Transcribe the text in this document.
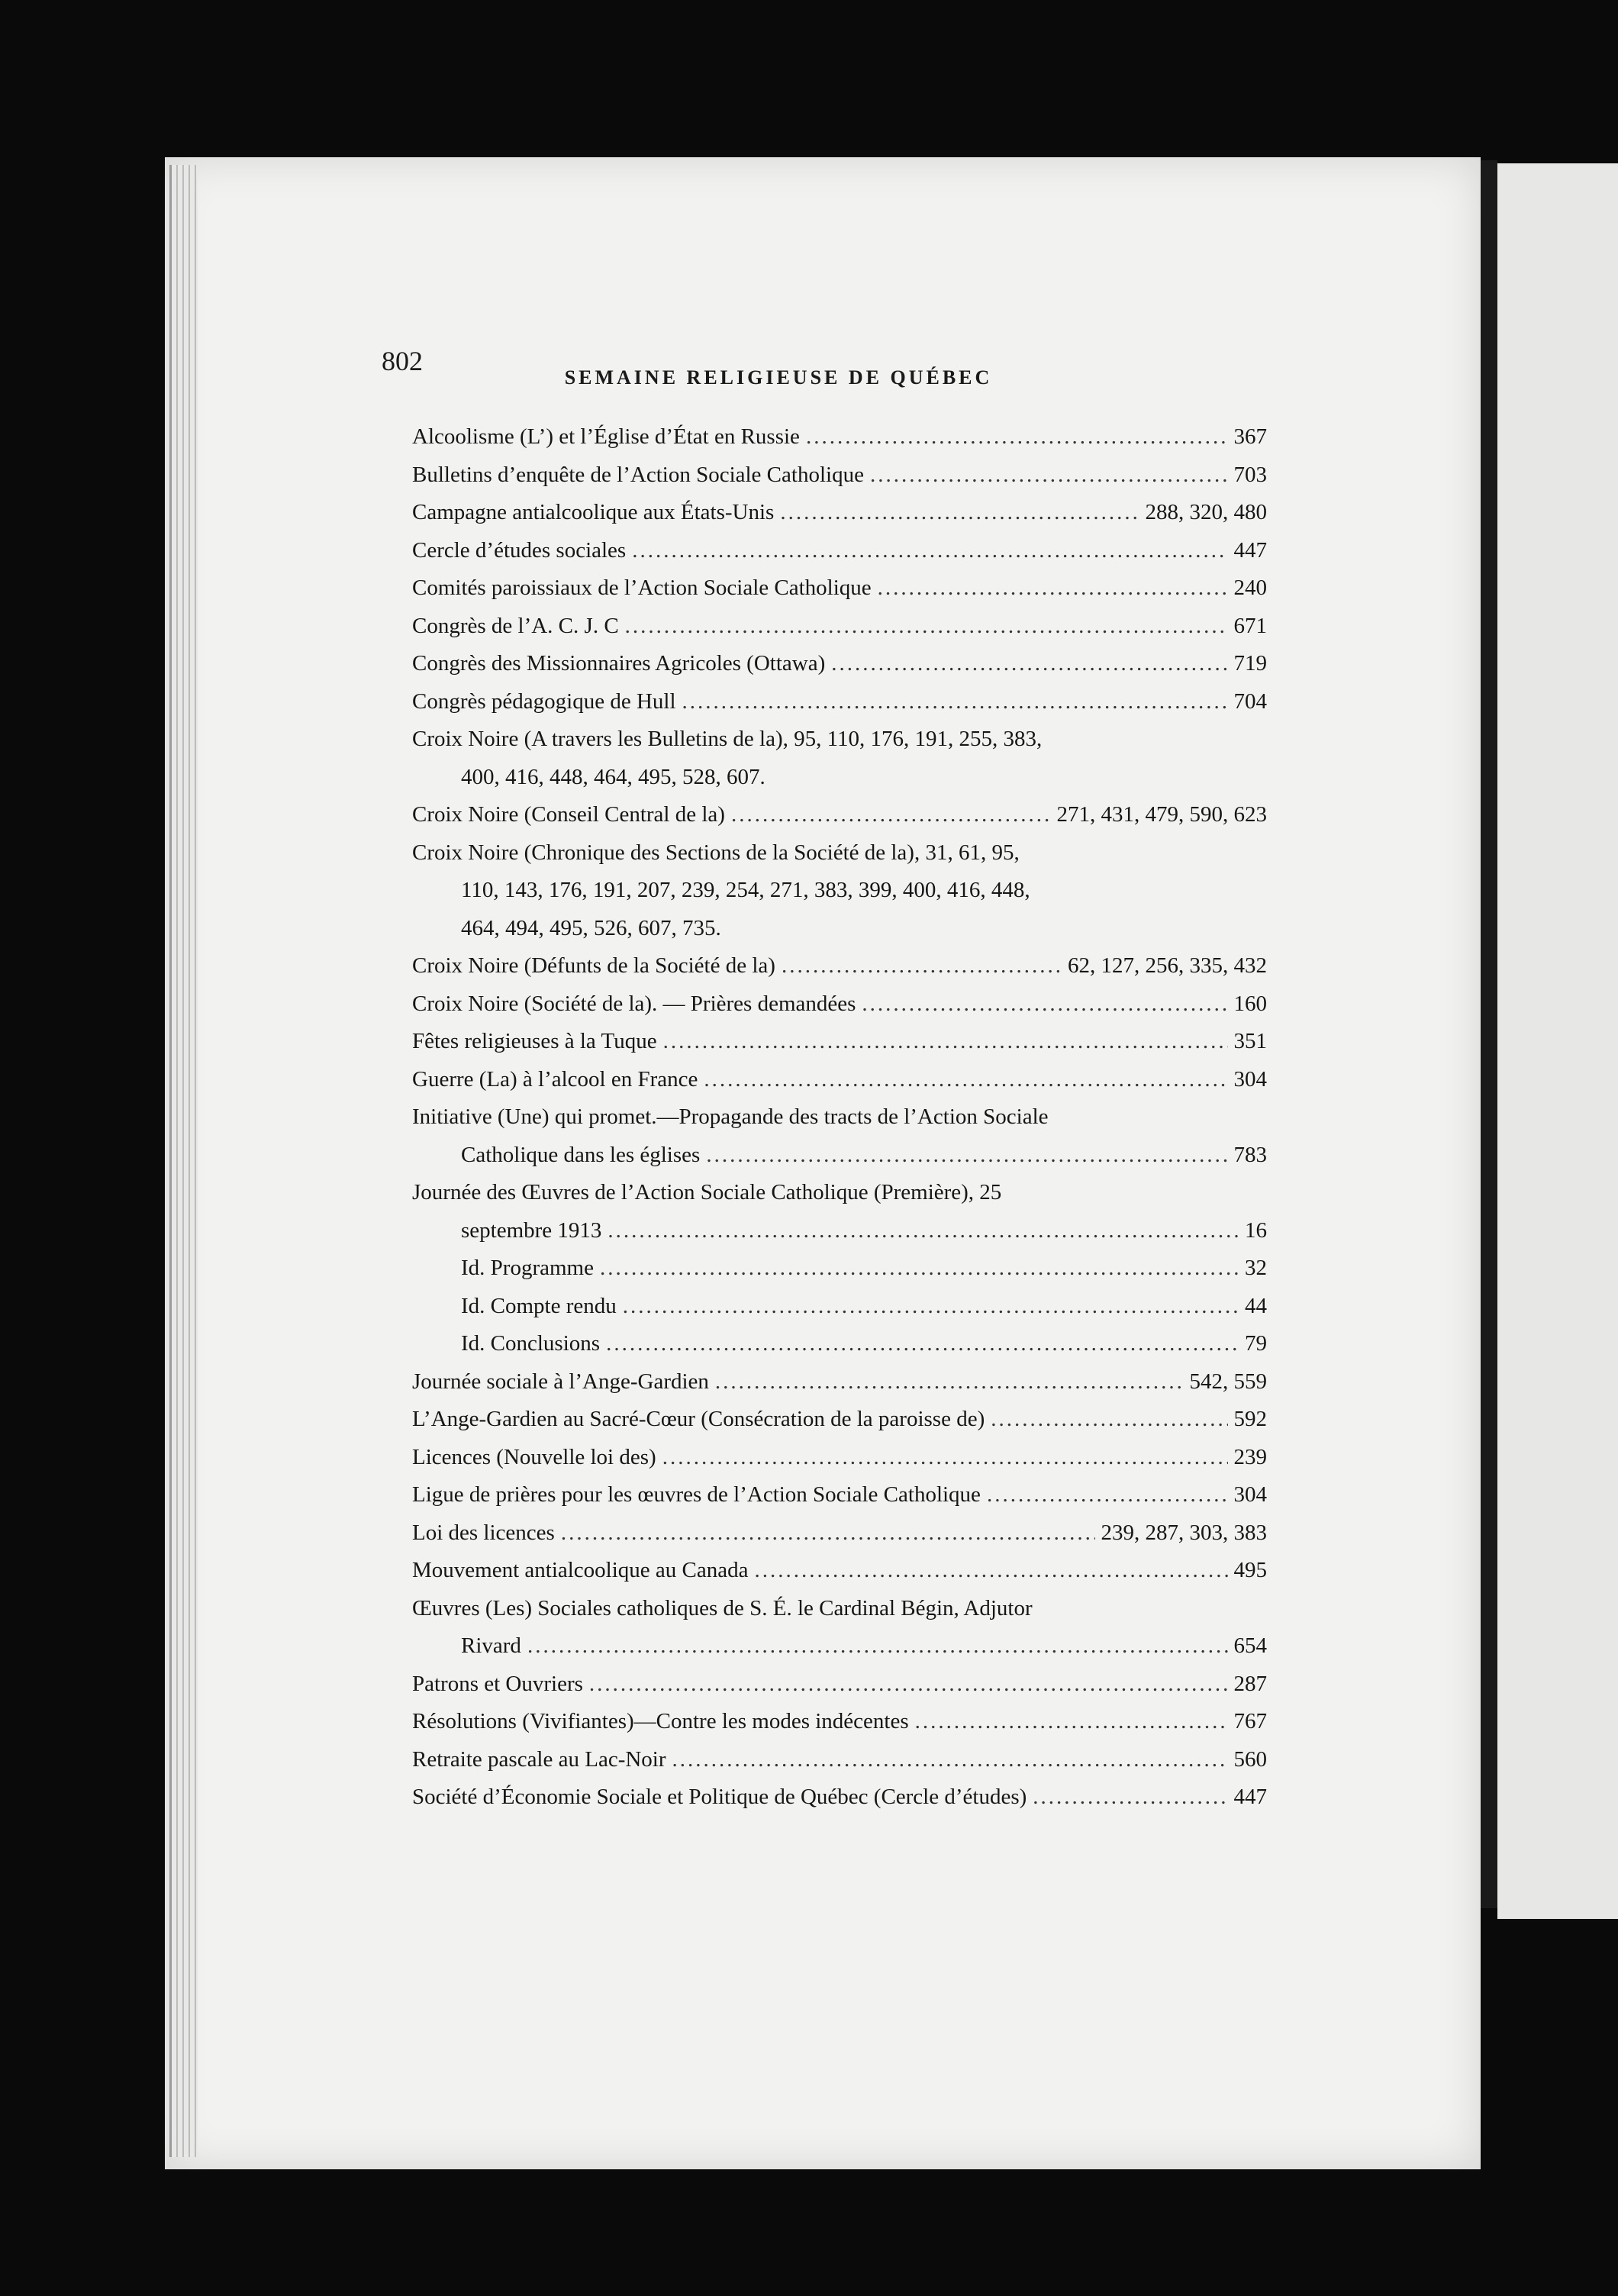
802
SEMAINE RELIGIEUSE DE QUÉBEC
Alcoolisme (L’) et l’Église d’État en Russie .....	367
Bulletins d’enquête de l’Action Sociale Catholique .....	703
Campagne antialcoolique aux États-Unis .....	288, 320, 480
Cercle d’études sociales .....	447
Comités paroissiaux de l’Action Sociale Catholique .....	240
Congrès de l’A. C. J. C .....	671
Congrès des Missionnaires Agricoles (Ottawa) .....	719
Congrès pédagogique de Hull .....	704
Croix Noire (A travers les Bulletins de la), 95, 110, 176, 191, 255, 383,
400, 416, 448, 464, 495, 528, 607.
Croix Noire (Conseil Central de la) .....	271, 431, 479, 590, 623
Croix Noire (Chronique des Sections de la Société de la), 31, 61, 95,
110, 143, 176, 191, 207, 239, 254, 271, 383, 399, 400, 416, 448,
464, 494, 495, 526, 607, 735.
Croix Noire (Défunts de la Société de la) .....	62, 127, 256, 335, 432
Croix Noire (Société de la). — Prières demandées .....	160
Fêtes religieuses à la Tuque .....	351
Guerre (La) à l’alcool en France .....	304
Initiative (Une) qui promet.—Propagande des tracts de l’Action Sociale
Catholique dans les églises .....	783
Journée des Œuvres de l’Action Sociale Catholique (Première), 25
septembre 1913 .....	16
Id. Programme .....	32
Id. Compte rendu .....	44
Id. Conclusions .....	79
Journée sociale à l’Ange-Gardien .....	542, 559
L’Ange-Gardien au Sacré-Cœur (Consécration de la paroisse de) .....	592
Licences (Nouvelle loi des) .....	239
Ligue de prières pour les œuvres de l’Action Sociale Catholique .....	304
Loi des licences .....	239, 287, 303, 383
Mouvement antialcoolique au Canada .....	495
Œuvres (Les) Sociales catholiques de S. É. le Cardinal Bégin, Adjutor
Rivard .....	654
Patrons et Ouvriers .....	287
Résolutions (Vivifiantes)—Contre les modes indécentes .....	767
Retraite pascale au Lac-Noir .....	560
Société d’Économie Sociale et Politique de Québec (Cercle d’études) .....	447
